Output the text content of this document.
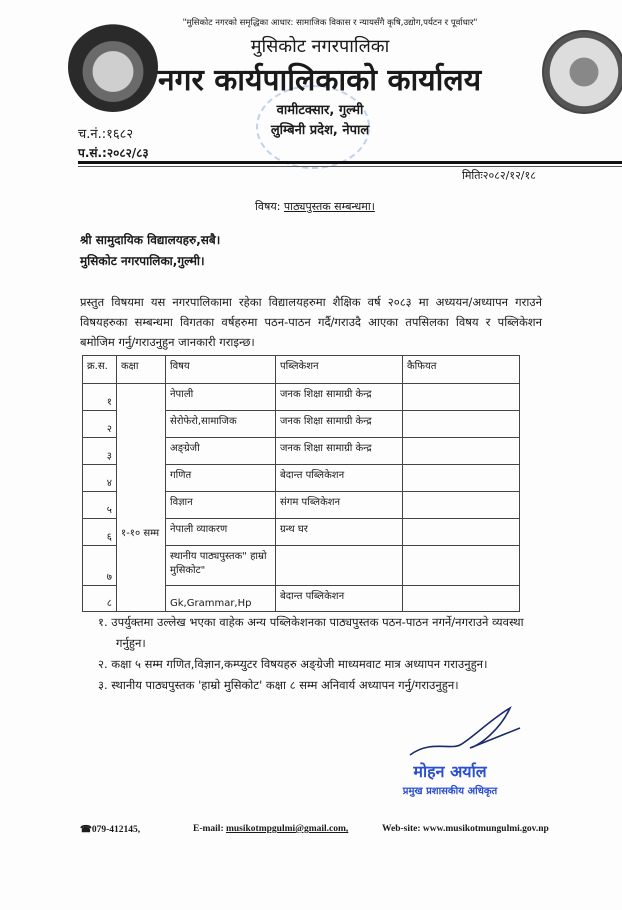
"मुसिकोट नगरको समृद्धिका आधार: सामाजिक विकास र न्यायसँगै कृषि,उद्योग,पर्यटन र पूर्वाधार"
मुसिकोट नगरपालिका
नगर कार्यपालिकाको कार्यालय
वामीटक्सार, गुल्मी
लुम्बिनी प्रदेश, नेपाल
च.नं.:१६८२
प.सं.:२०८२/८३
मितिः२०८२/१२/१८
विषय: पाठ्यपुस्तक सम्बन्धमा।
श्री सामुदायिक विद्यालयहरु,सबै।
मुसिकोट नगरपालिका,गुल्मी।
प्रस्तुत विषयमा यस नगरपालिकामा रहेका विद्यालयहरुमा शैक्षिक वर्ष २०८३ मा अध्ययन/अध्यापन गराउने विषयहरुका सम्बन्धमा विगतका वर्षहरुमा पठन-पाठन गर्दै/गराउदै आएका तपसिलका विषय र पब्लिकेशन बमोजिम गर्नु/गराउनुहुन जानकारी गराइन्छ।
क्र.स.	कक्षा	विषय	पब्लिकेशन	कैफियत
१	१-१० सम्म	नेपाली	जनक शिक्षा सामाग्री केन्द्र	
२		सेरोफेरो,सामाजिक	जनक शिक्षा सामाग्री केन्द्र	
३		अङ्ग्रेजी	जनक शिक्षा सामाग्री केन्द्र	
४		गणित	बेदान्त पब्लिकेशन	
५		विज्ञान	संगम पब्लिकेशन	
६		नेपाली व्याकरण	ग्रन्थ घर	
७		स्थानीय पाठ्यपुस्तक" हाम्रो मुसिकोट"		
८		Gk,Grammar,Hp	बेदान्त पब्लिकेशन	
१. उपर्युक्तमा उल्लेख भएका वाहेक अन्य पब्लिकेशनका पाठ्यपुस्तक पठन-पाठन नगर्ने/नगराउने व्यवस्था गर्नुहुन।
२. कक्षा ५ सम्म गणित,विज्ञान,कम्प्युटर विषयहरु अङ्ग्रेजी माध्यमवाट मात्र अध्यापन गराउनुहुन।
३. स्थानीय पाठ्यपुस्तक 'हाम्रो मुसिकोट' कक्षा ८ सम्म अनिवार्य अध्यापन गर्नु/गराउनुहुन।
मोहन अर्याल
प्रमुख प्रशासकीय अधिकृत
☎079-412145,	E-mail: musikotmpgulmi@gmail.com,	Web-site: www.musikotmungulmi.gov.np
